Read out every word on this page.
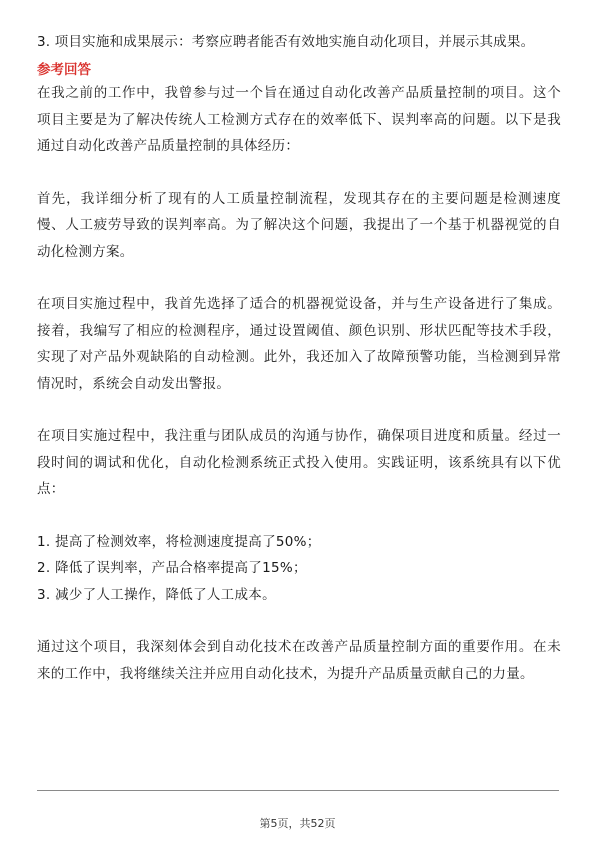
3. 项目实施和成果展示：考察应聘者能否有效地实施自动化项目，并展示其成果。

参考回答

在我之前的工作中，我曾参与过一个旨在通过自动化改善产品质量控制的项目。这个项目主要是为了解决传统人工检测方式存在的效率低下、误判率高的问题。以下是我通过自动化改善产品质量控制的具体经历：

首先，我详细分析了现有的人工质量控制流程，发现其存在的主要问题是检测速度慢、人工疲劳导致的误判率高。为了解决这个问题，我提出了一个基于机器视觉的自动化检测方案。

在项目实施过程中，我首先选择了适合的机器视觉设备，并与生产设备进行了集成。接着，我编写了相应的检测程序，通过设置阈值、颜色识别、形状匹配等技术手段，实现了对产品外观缺陷的自动检测。此外，我还加入了故障预警功能，当检测到异常情况时，系统会自动发出警报。

在项目实施过程中，我注重与团队成员的沟通与协作，确保项目进度和质量。经过一段时间的调试和优化，自动化检测系统正式投入使用。实践证明，该系统具有以下优点：

1. 提高了检测效率，将检测速度提高了50%；

2. 降低了误判率，产品合格率提高了15%；

3. 减少了人工操作，降低了人工成本。

通过这个项目，我深刻体会到自动化技术在改善产品质量控制方面的重要作用。在未来的工作中，我将继续关注并应用自动化技术，为提升产品质量贡献自己的力量。

第5页，共52页
